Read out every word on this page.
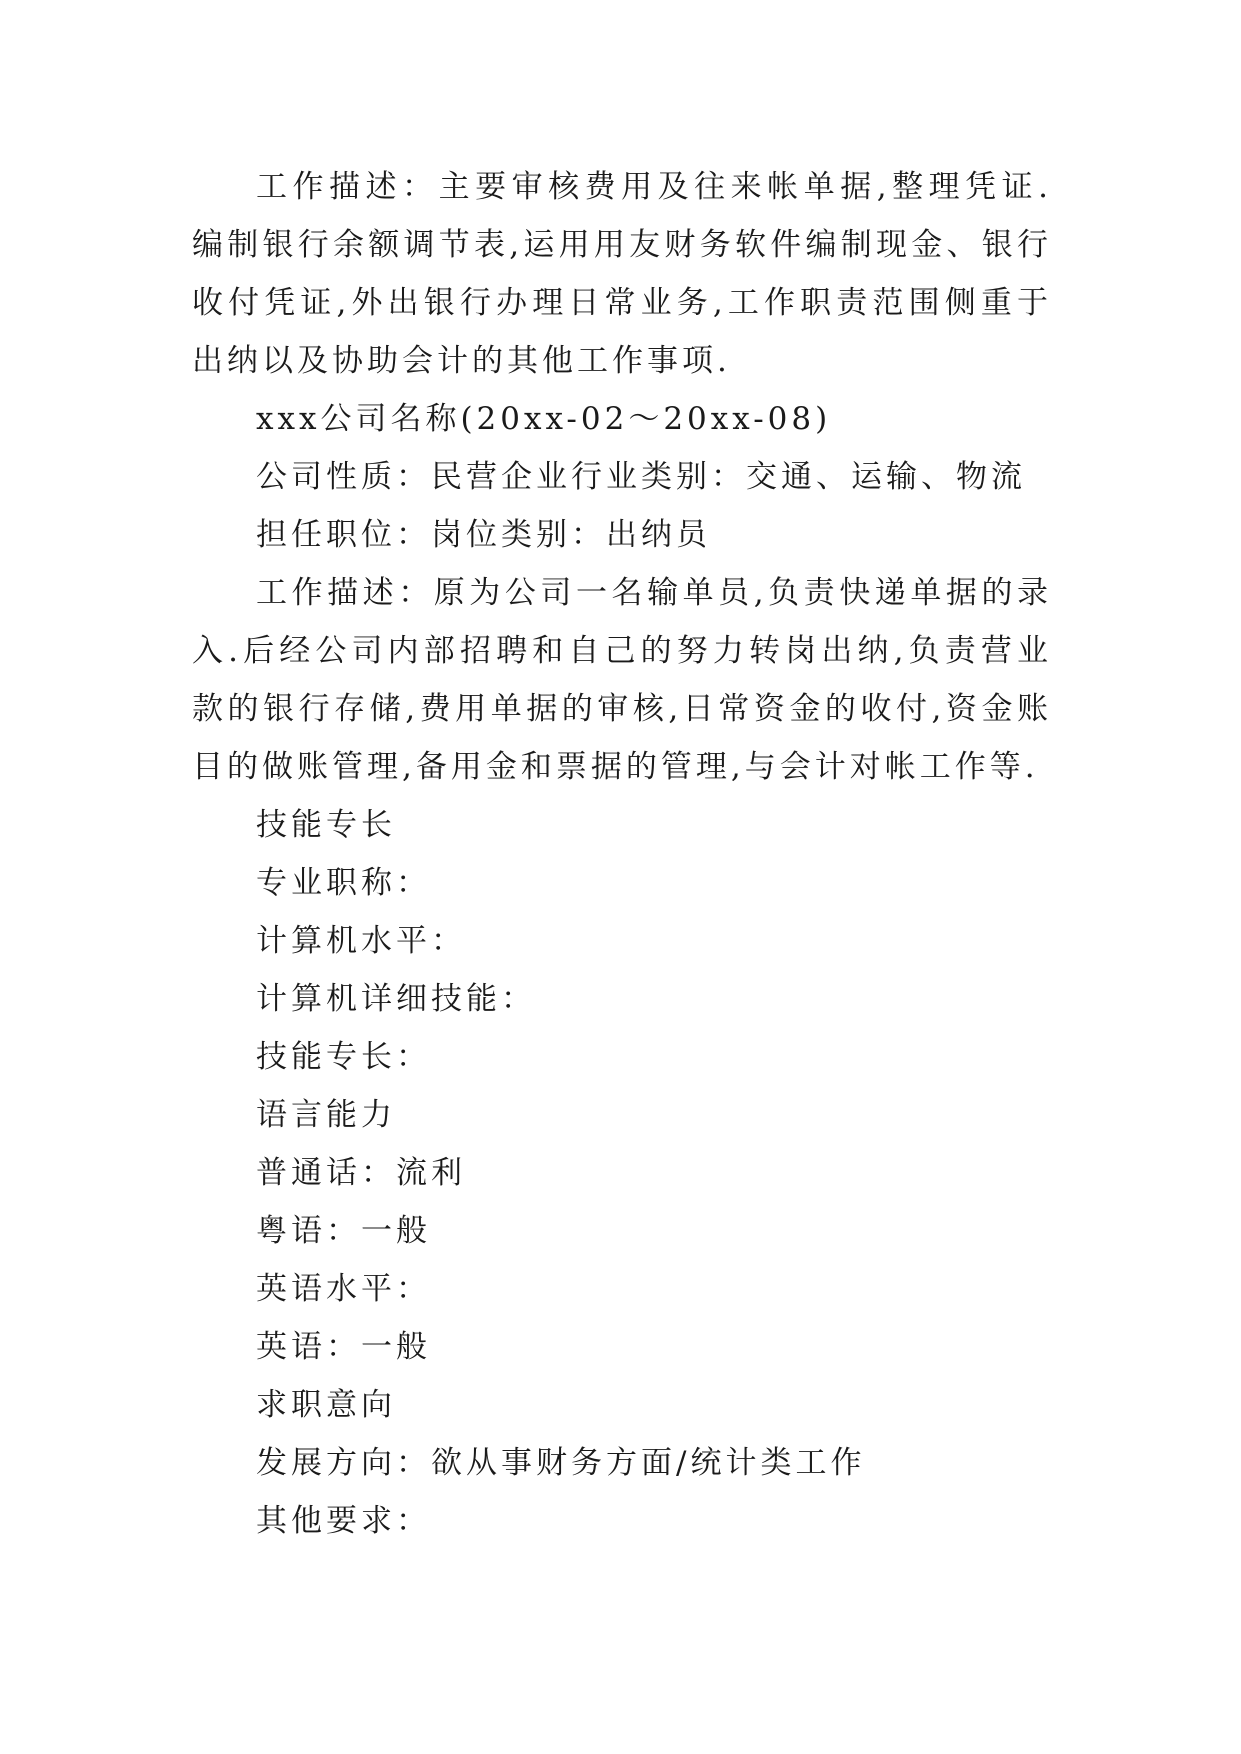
工作描述：主要审核费用及往来帐单据,整理凭证.编制银行余额调节表,运用用友财务软件编制现金、银行收付凭证,外出银行办理日常业务,工作职责范围侧重于出纳以及协助会计的其他工作事项.

xxx公司名称(20xx-02～20xx-08)

公司性质：民营企业行业类别：交通、运输、物流

担任职位：岗位类别：出纳员

工作描述：原为公司一名输单员,负责快递单据的录入.后经公司内部招聘和自己的努力转岗出纳,负责营业款的银行存储,费用单据的审核,日常资金的收付,资金账目的做账管理,备用金和票据的管理,与会计对帐工作等.

技能专长

专业职称：

计算机水平：

计算机详细技能：

技能专长：

语言能力

普通话：流利

粤语：一般

英语水平：

英语：一般

求职意向

发展方向：欲从事财务方面/统计类工作

其他要求：
